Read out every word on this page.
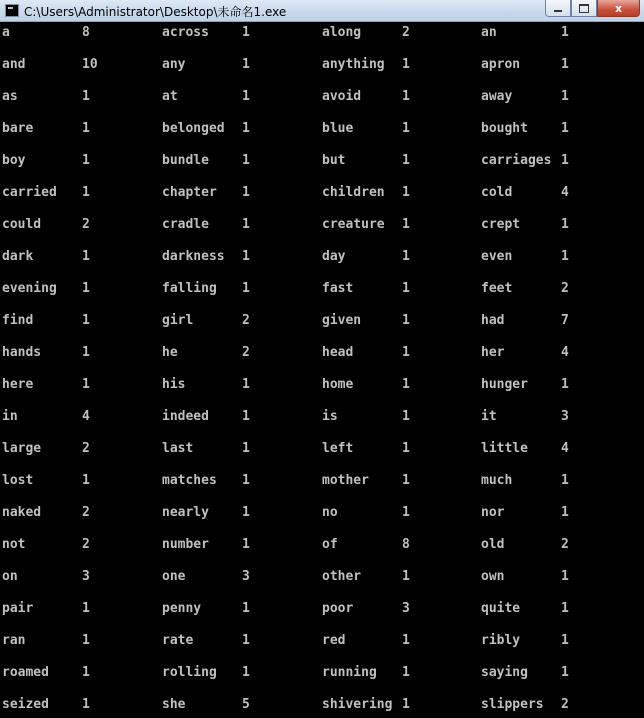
C:\Users\Administrator\Desktop\未命名1.exe	x
a	8	across	1	along	2	an	1
and	10	any	1	anything 1	apron	1
as	1	at	1	avoid	1	away	1
bare	1	belonged 1	blue	1	bought	1
boy	1	bundle	1	but	1	carriages 1
carried 1	chapter 1	children 1	cold	4
could	2	cradle	1	creature 1	crept	1
dark	1	darkness 1	day	1	even	1
evening 1	falling 1	fast	1	feet	2
find	1	girl	2	given	1	had	7
hands	1	he	2	head	1	her	4
here	1	his	1	home	1	hunger	1
in	4	indeed	1	is	1	it	3
large	2	last	1	left	1	little	4
lost	1	matches 1	mother	1	much	1
naked	2	nearly	1	no	1	nor	1
not	2	number	1	of	8	old	2
on	3	one	3	other	1	own	1
pair	1	penny	1	poor	3	quite	1
ran	1	rate	1	red	1	ribly	1
roamed	1	rolling 1	running 1	saying	1
seized	1	she	5	shivering 1	slippers 2
